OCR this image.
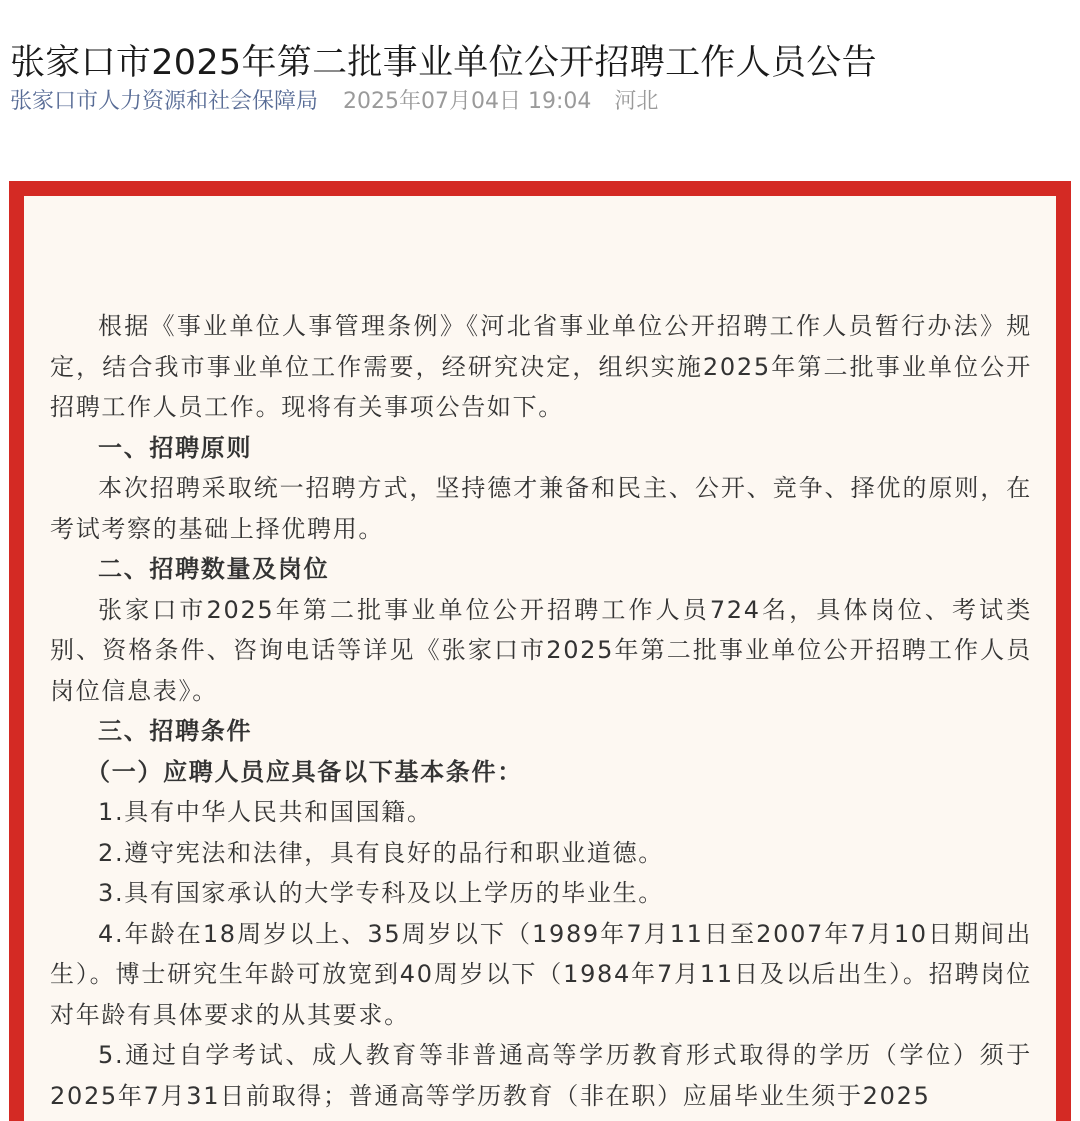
张家口市2025年第二批事业单位公开招聘工作人员公告
张家口市人力资源和社会保障局 2025年07月04日 19:04 河北

根据《事业单位人事管理条例》《河北省事业单位公开招聘工作人员暂行办法》规定，结合我市事业单位工作需要，经研究决定，组织实施2025年第二批事业单位公开招聘工作人员工作。现将有关事项公告如下。

一、招聘原则

本次招聘采取统一招聘方式，坚持德才兼备和民主、公开、竞争、择优的原则，在考试考察的基础上择优聘用。

二、招聘数量及岗位

张家口市2025年第二批事业单位公开招聘工作人员724名，具体岗位、考试类别、资格条件、咨询电话等详见《张家口市2025年第二批事业单位公开招聘工作人员岗位信息表》。

三、招聘条件

（一）应聘人员应具备以下基本条件：

1.具有中华人民共和国国籍。

2.遵守宪法和法律，具有良好的品行和职业道德。

3.具有国家承认的大学专科及以上学历的毕业生。

4.年龄在18周岁以上、35周岁以下（1989年7月11日至2007年7月10日期间出生）。博士研究生年龄可放宽到40周岁以下（1984年7月11日及以后出生）。招聘岗位对年龄有具体要求的从其要求。

5.通过自学考试、成人教育等非普通高等学历教育形式取得的学历（学位）须于2025年7月31日前取得；普通高等学历教育（非在职）应届毕业生须于2025
